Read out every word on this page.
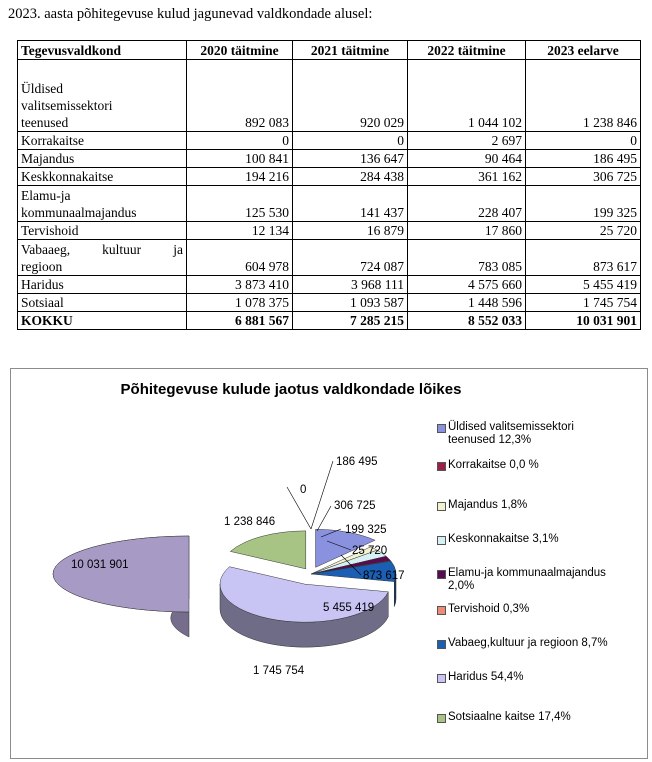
2023. aasta põhitegevuse kulud jagunevad valdkondade alusel:
Tegevusvaldkond	2020 täitmine	2021 täitmine	2022 täitmine	2023 eelarve

Üldised
valitsemissektori
teenused	892 083	920 029	1 044 102	1 238 846

Korrakaitse	0	0	2 697	0

Majandus	100 841	136 647	90 464	186 495

Keskkonnakaitse	194 216	284 438	361 162	306 725

Elamu-ja
kommunaalmajandus	125 530	141 437	228 407	199 325

Tervishoid	12 134	16 879	17 860	25 720

Vabaaeg, kultuur ja
regioon	604 978	724 087	783 085	873 617

Haridus	3 873 410	3 968 111	4 575 660	5 455 419

Sotsiaal	1 078 375	1 093 587	1 448 596	1 745 754
KOKKU	6 881 567	7 285 215	8 552 033	10 031 901
1 238 846
0
186 495
306 725
199 325
25 720
873 617
5 455 419
1 745 754
10 031 901
Põhitegevuse kulude jaotus valdkondade lõikes
Üldised valitsemissektori
teenused 12,3%
Korrakaitse 0,0 %
Majandus 1,8%
Keskonnakaitse 3,1%
Elamu-ja kommunaalmajandus
2,0%
Tervishoid 0,3%
Vabaeg,kultuur ja regioon 8,7%
Haridus 54,4%
Sotsiaalne kaitse 17,4%
